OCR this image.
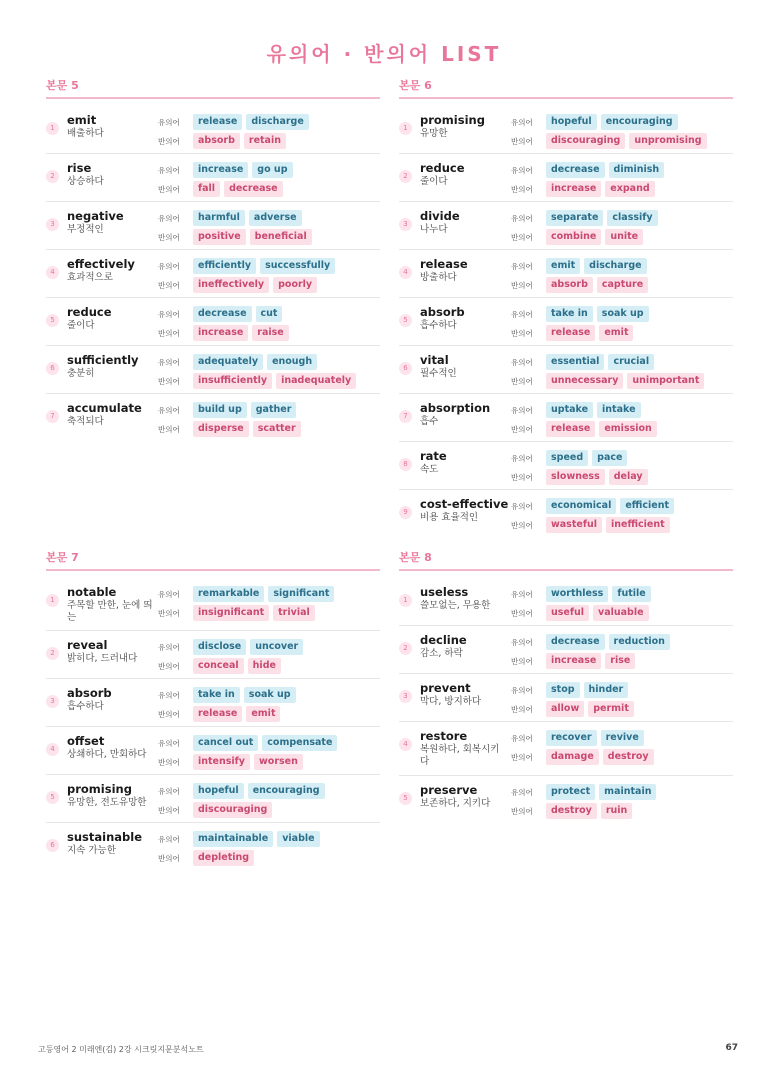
유의어 · 반의어 LIST
본문 5
1
emit
배출하다
유의어	release	discharge
반의어	absorb	retain
2
rise
상승하다
유의어	increase	go up
반의어	fall	decrease
3
negative
부정적인
유의어	harmful	adverse
반의어	positive	beneficial
4
effectively
효과적으로
유의어	efficiently	successfully
반의어	ineffectively	poorly
5
reduce
줄이다
유의어	decrease	cut
반의어	increase	raise
6
sufficiently
충분히
유의어	adequately	enough
반의어	insufficiently	inadequately
7
accumulate
축적되다
유의어	build up	gather
반의어	disperse	scatter
본문 6
1
promising
유망한
유의어	hopeful	encouraging
반의어	discouraging	unpromising
2
reduce
줄이다
유의어	decrease	diminish
반의어	increase	expand
3
divide
나누다
유의어	separate	classify
반의어	combine	unite
4
release
방출하다
유의어	emit	discharge
반의어	absorb	capture
5
absorb
흡수하다
유의어	take in	soak up
반의어	release	emit
6
vital
필수적인
유의어	essential	crucial
반의어	unnecessary	unimportant
7
absorption
흡수
유의어	uptake	intake
반의어	release	emission
8
rate
속도
유의어	speed	pace
반의어	slowness	delay
9
cost-effective
비용 효율적인
유의어	economical	efficient
반의어	wasteful	inefficient
본문 7
1
notable
주목할 만한, 눈에 띄는
유의어	remarkable	significant
반의어	insignificant	trivial
2
reveal
밝히다, 드러내다
유의어	disclose	uncover
반의어	conceal	hide
3
absorb
흡수하다
유의어	take in	soak up
반의어	release	emit
4
offset
상쇄하다, 만회하다
유의어	cancel out	compensate
반의어	intensify	worsen
5
promising
유망한, 전도유망한
유의어	hopeful	encouraging
반의어	discouraging
6
sustainable
지속 가능한
유의어	maintainable	viable
반의어	depleting
본문 8
1
useless
쓸모없는, 무용한
유의어	worthless	futile
반의어	useful	valuable
2
decline
감소, 하락
유의어	decrease	reduction
반의어	increase	rise
3
prevent
막다, 방지하다
유의어	stop	hinder
반의어	allow	permit
4
restore
복원하다, 회복시키다
유의어	recover	revive
반의어	damage	destroy
5
preserve
보존하다, 지키다
유의어	protect	maintain
반의어	destroy	ruin
고등영어 2 미래엔(김) 2강 시크릿지문분석노트	67
